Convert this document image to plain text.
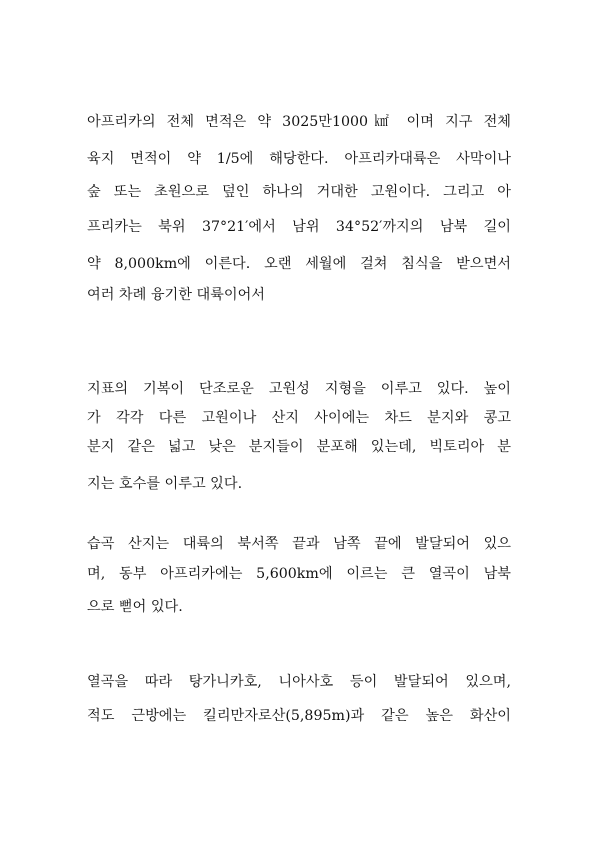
아프리카의 전체 면적은 약 3025만1000㎢ 이며 지구 전체
육지 면적이 약 1/5에 해당한다. 아프리카대륙은 사막이나
숲 또는 초원으로 덮인 하나의 거대한 고원이다. 그리고 아
프리카는 북위 37°21′에서 남위 34°52′까지의 남북 길이
약 8,000km에 이른다. 오랜 세월에 걸쳐 침식을 받으면서
여러 차례 융기한 대륙이어서
지표의 기복이 단조로운 고원성 지형을 이루고 있다. 높이
가 각각 다른 고원이나 산지 사이에는 차드 분지와 콩고
분지 같은 넓고 낮은 분지들이 분포해 있는데, 빅토리아 분
지는 호수를 이루고 있다.
습곡 산지는 대륙의 북서쪽 끝과 남쪽 끝에 발달되어 있으
며, 동부 아프리카에는 5,600km에 이르는 큰 열곡이 남북
으로 뻗어 있다.
열곡을 따라 탕가니카호, 니아사호 등이 발달되어 있으며,
적도 근방에는 킬리만자로산(5,895m)과 같은 높은 화산이
